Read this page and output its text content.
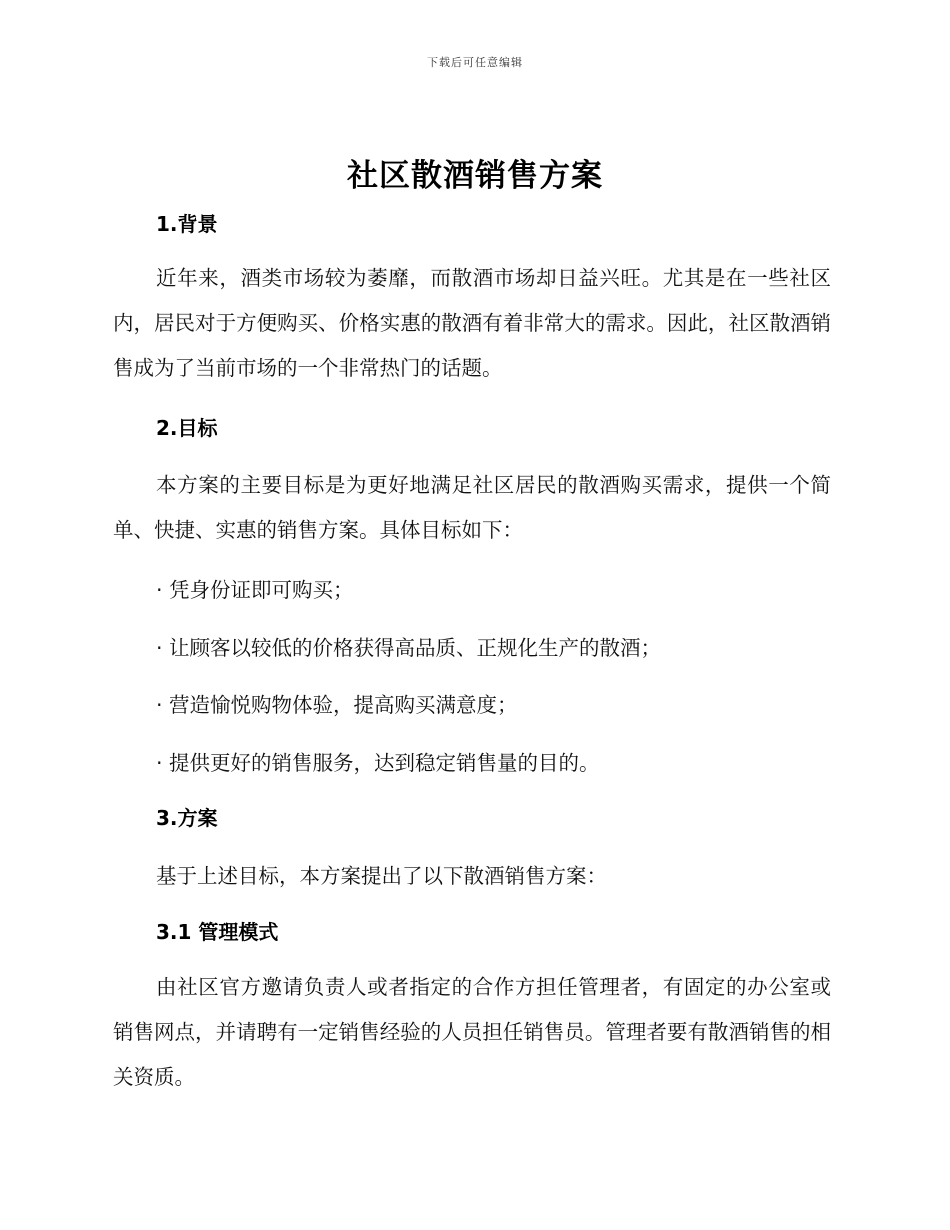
下载后可任意编辑
社区散酒销售方案
1.背景
近年来，酒类市场较为萎靡，而散酒市场却日益兴旺。尤其是在一些社区内，居民对于方便购买、价格实惠的散酒有着非常大的需求。因此，社区散酒销售成为了当前市场的一个非常热门的话题。
2.目标
本方案的主要目标是为更好地满足社区居民的散酒购买需求，提供一个简单、快捷、实惠的销售方案。具体目标如下：
· 凭身份证即可购买；
· 让顾客以较低的价格获得高品质、正规化生产的散酒；
· 营造愉悦购物体验，提高购买满意度；
· 提供更好的销售服务，达到稳定销售量的目的。
3.方案
基于上述目标，本方案提出了以下散酒销售方案：
3.1 管理模式
由社区官方邀请负责人或者指定的合作方担任管理者，有固定的办公室或销售网点，并请聘有一定销售经验的人员担任销售员。管理者要有散酒销售的相关资质。
